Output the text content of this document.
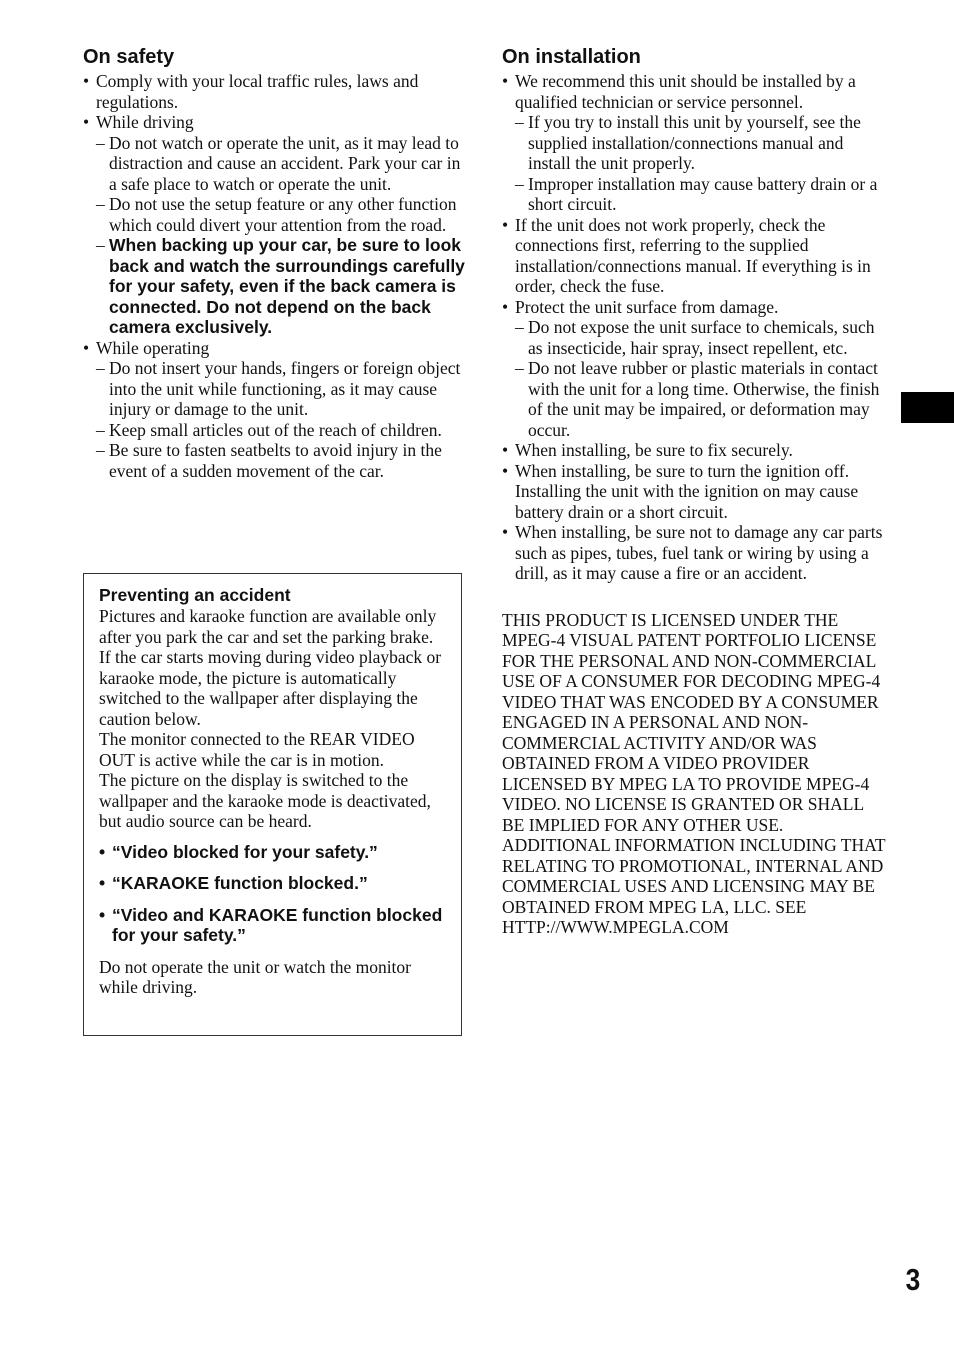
On safety
• Comply with your local traffic rules, laws and regulations.
• While driving
– Do not watch or operate the unit, as it may lead to distraction and cause an accident. Park your car in a safe place to watch or operate the unit.
– Do not use the setup feature or any other function which could divert your attention from the road.
– When backing up your car, be sure to look back and watch the surroundings carefully for your safety, even if the back camera is connected. Do not depend on the back camera exclusively.
• While operating
– Do not insert your hands, fingers or foreign object into the unit while functioning, as it may cause injury or damage to the unit.
– Keep small articles out of the reach of children.
– Be sure to fasten seatbelts to avoid injury in the event of a sudden movement of the car.
Preventing an accident

Pictures and karaoke function are available only after you park the car and set the parking brake.

If the car starts moving during video playback or karaoke mode, the picture is automatically switched to the wallpaper after displaying the caution below.

The monitor connected to the REAR VIDEO OUT is active while the car is in motion.

The picture on the display is switched to the wallpaper and the karaoke mode is deactivated, but audio source can be heard.

• “Video blocked for your safety.”
• “KARAOKE function blocked.”
• “Video and KARAOKE function blocked for your safety.”

Do not operate the unit or watch the monitor while driving.

On installation
• We recommend this unit should be installed by a qualified technician or service personnel.
– If you try to install this unit by yourself, see the supplied installation/connections manual and install the unit properly.
– Improper installation may cause battery drain or a short circuit.
• If the unit does not work properly, check the connections first, referring to the supplied installation/connections manual. If everything is in order, check the fuse.
• Protect the unit surface from damage.
– Do not expose the unit surface to chemicals, such as insecticide, hair spray, insect repellent, etc.
– Do not leave rubber or plastic materials in contact with the unit for a long time. Otherwise, the finish of the unit may be impaired, or deformation may occur.
• When installing, be sure to fix securely.
• When installing, be sure to turn the ignition off. Installing the unit with the ignition on may cause battery drain or a short circuit.
• When installing, be sure not to damage any car parts such as pipes, tubes, fuel tank or wiring by using a drill, as it may cause a fire or an accident.
THIS PRODUCT IS LICENSED UNDER THE MPEG-4 VISUAL PATENT PORTFOLIO LICENSE FOR THE PERSONAL AND NON-COMMERCIAL USE OF A CONSUMER FOR DECODING MPEG-4 VIDEO THAT WAS ENCODED BY A CONSUMER ENGAGED IN A PERSONAL AND NON-COMMERCIAL ACTIVITY AND/OR WAS OBTAINED FROM A VIDEO PROVIDER LICENSED BY MPEG LA TO PROVIDE MPEG-4 VIDEO. NO LICENSE IS GRANTED OR SHALL BE IMPLIED FOR ANY OTHER USE. ADDITIONAL INFORMATION INCLUDING THAT RELATING TO PROMOTIONAL, INTERNAL AND COMMERCIAL USES AND LICENSING MAY BE OBTAINED FROM MPEG LA, LLC. SEE HTTP://WWW.MPEGLA.COM
3
